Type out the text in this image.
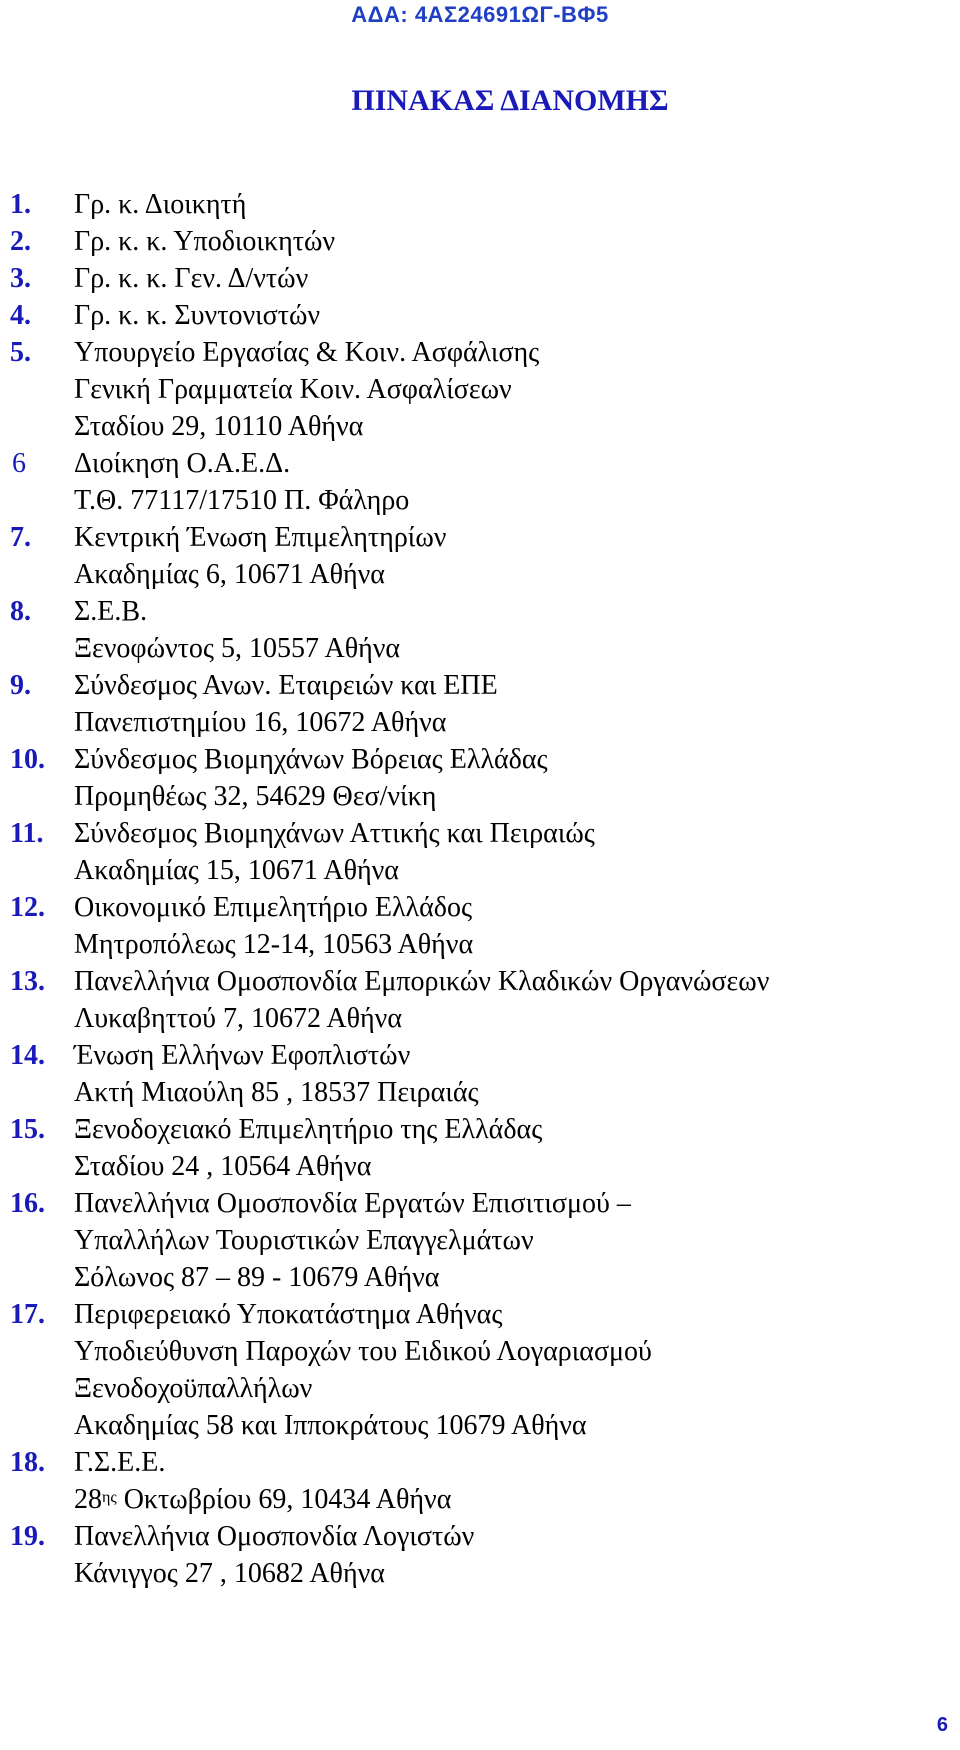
ΑΔΑ: 4ΑΣ24691ΩΓ-ΒΦ5
ΠΙΝΑΚΑΣ ΔΙΑΝΟΜΗΣ
1. Γρ. κ. Διοικητή
2. Γρ. κ. κ. Υποδιοικητών
3. Γρ. κ. κ. Γεν. Δ/ντών
4. Γρ. κ. κ. Συντονιστών
5. Υπουργείο Εργασίας & Κοιν. Ασφάλισης
Γενική Γραμματεία Κοιν. Ασφαλίσεων
Σταδίου 29, 10110 Αθήνα
6 Διοίκηση Ο.Α.Ε.Δ.
Τ.Θ. 77117/17510 Π. Φάληρο
7. Κεντρική Ένωση Επιμελητηρίων
Ακαδημίας 6, 10671 Αθήνα
8. Σ.Ε.Β.
Ξενοφώντος 5, 10557 Αθήνα
9. Σύνδεσμος Ανων. Εταιρειών και ΕΠΕ
Πανεπιστημίου 16, 10672 Αθήνα
10. Σύνδεσμος Βιομηχάνων Βόρειας Ελλάδας
Προμηθέως 32, 54629 Θεσ/νίκη
11. Σύνδεσμος Βιομηχάνων Αττικής και Πειραιώς
Ακαδημίας 15, 10671 Αθήνα
12. Οικονομικό Επιμελητήριο Ελλάδος
Μητροπόλεως 12-14, 10563 Αθήνα
13. Πανελλήνια Ομοσπονδία Εμπορικών Κλαδικών Οργανώσεων
Λυκαβηττού 7, 10672 Αθήνα
14. Ένωση Ελλήνων Εφοπλιστών
Ακτή Μιαούλη 85 , 18537 Πειραιάς
15. Ξενοδοχειακό Επιμελητήριο της Ελλάδας
Σταδίου 24 , 10564 Αθήνα
16. Πανελλήνια Ομοσπονδία Εργατών Επισιτισμού –
Υπαλλήλων Τουριστικών Επαγγελμάτων
Σόλωνος 87 – 89 - 10679 Αθήνα
17. Περιφερειακό Υποκατάστημα Αθήνας
Υποδιεύθυνση Παροχών του Ειδικού Λογαριασμού
Ξενοδοχοϋπαλλήλων
Ακαδημίας 58 και Ιπποκράτους 10679 Αθήνα
18. Γ.Σ.Ε.Ε.
$28^{\eta\varsigma}$ Οκτωβρίου 69, 10434 Αθήνα
19. Πανελλήνια Ομοσπονδία Λογιστών
Κάνιγγος 27 , 10682 Αθήνα
6
